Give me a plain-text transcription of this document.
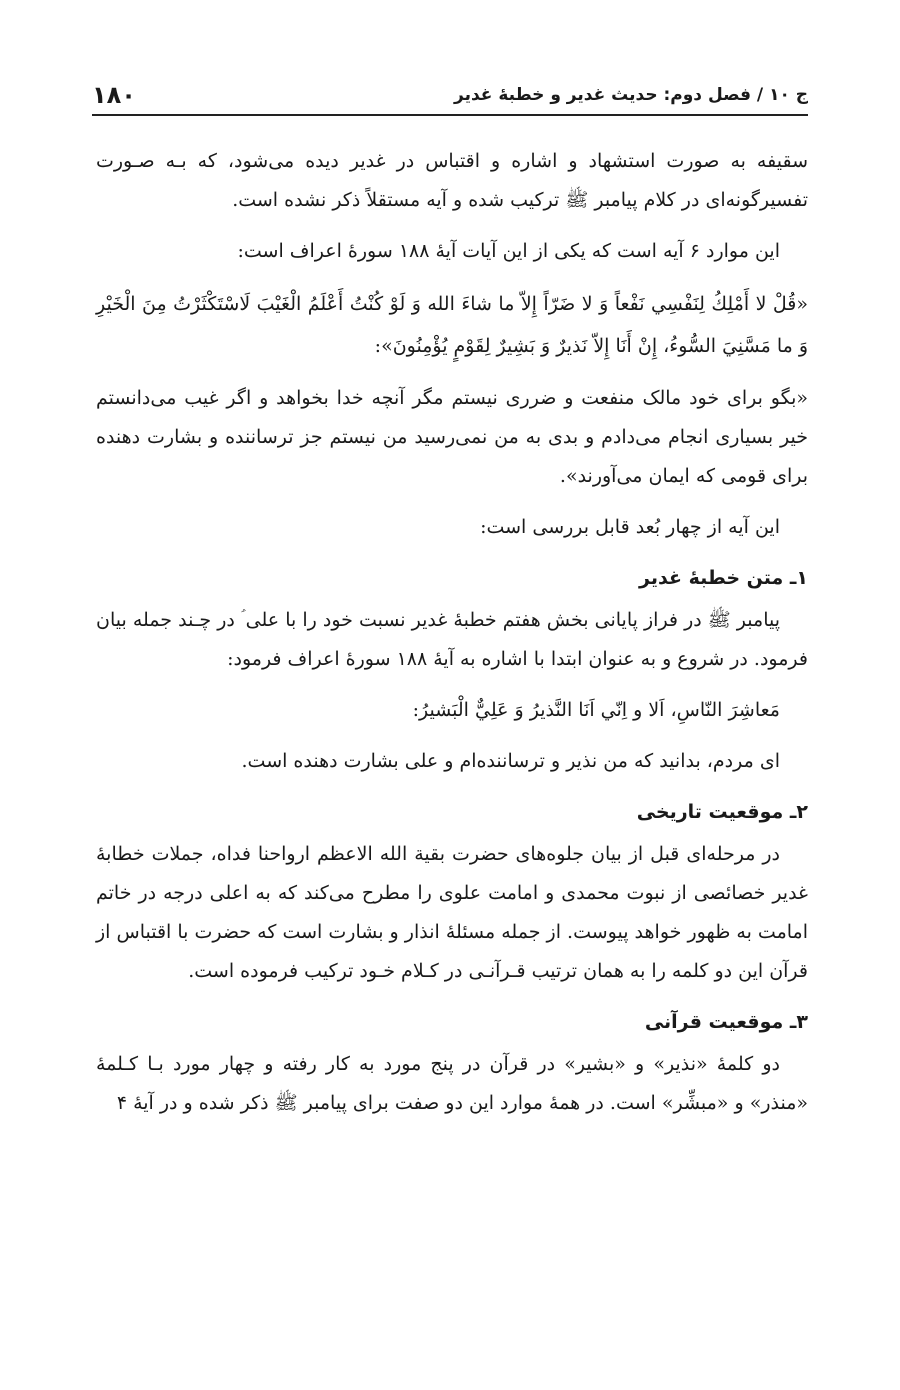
ج ۱۰ / فصل دوم: حدیث غدیر و خطبهٔ غدیر
۱۸۰

سقیفه به صورت استشهاد و اشاره و اقتباس در غدیر دیده می‌شود، که بـه صـورت تفسیرگونه‌ای در کلام پیامبر ﷺ ترکیب شده و آیه مستقلاً ذکر نشده است.

این موارد ۶ آیه است که یکی از این آیات آیهٔ ۱۸۸ سورهٔ اعراف است:

«قُلْ لا أَمْلِكُ لِنَفْسِي نَفْعاً وَ لا ضَرّاً إِلاّ ما شاءَ الله وَ لَوْ كُنْتُ أَعْلَمُ الْغَيْبَ لَاسْتَكْثَرْتُ مِنَ الْخَيْرِ وَ ما مَسَّنِيَ السُّوءُ، إِنْ أَنَا إِلاّ نَذيرٌ وَ بَشِيرٌ لِقَوْمٍ يُؤْمِنُونَ»:

«بگو برای خود مالک منفعت و ضرری نیستم مگر آنچه خدا بخواهد و اگر غیب می‌دانستم خیر بسیاری انجام می‌دادم و بدی به من نمی‌رسید من نیستم جز ترساننده و بشارت دهنده برای قومی که ایمان می‌آورند».

این آیه از چهار بُعد قابل بررسی است:

۱ـ متن خطبهٔ غدیر

پیامبر ﷺ در فراز پایانی بخش هفتم خطبهٔ غدیر نسبت خود را با علی ؑ در چـند جمله بیان فرمود. در شروع و به عنوان ابتدا با اشاره به آیهٔ ۱۸۸ سورهٔ اعراف فرمود:

مَعاشِرَ النّاسِ، اَلا و اِنّي اَنَا النَّذيرُ وَ عَلِيٌّ الْبَشيرُ:

ای مردم، بدانید که من نذیر و ترساننده‌ام و علی بشارت دهنده است.

۲ـ موقعیت تاریخی

در مرحله‌ای قبل از بیان جلوه‌های حضرت بقیة الله الاعظم ارواحنا فداه، جملات خطابهٔ غدیر خصائصی از نبوت محمدی و امامت علوی را مطرح می‌کند که به اعلی درجه در خاتم امامت به ظهور خواهد پیوست. از جمله مسئلهٔ انذار و بشارت است که حضرت با اقتباس از قرآن این دو کلمه را به همان ترتیب قـرآنـی در کـلام خـود ترکیب فرموده است.

۳ـ موقعیت قرآنی

دو کلمهٔ «نذیر» و «بشیر» در قرآن در پنج مورد به کار رفته و چهار مورد بـا کـلمهٔ «منذر» و «مبشِّر» است. در همهٔ موارد این دو صفت برای پیامبر ﷺ ذکر شده و در آیهٔ ۴
